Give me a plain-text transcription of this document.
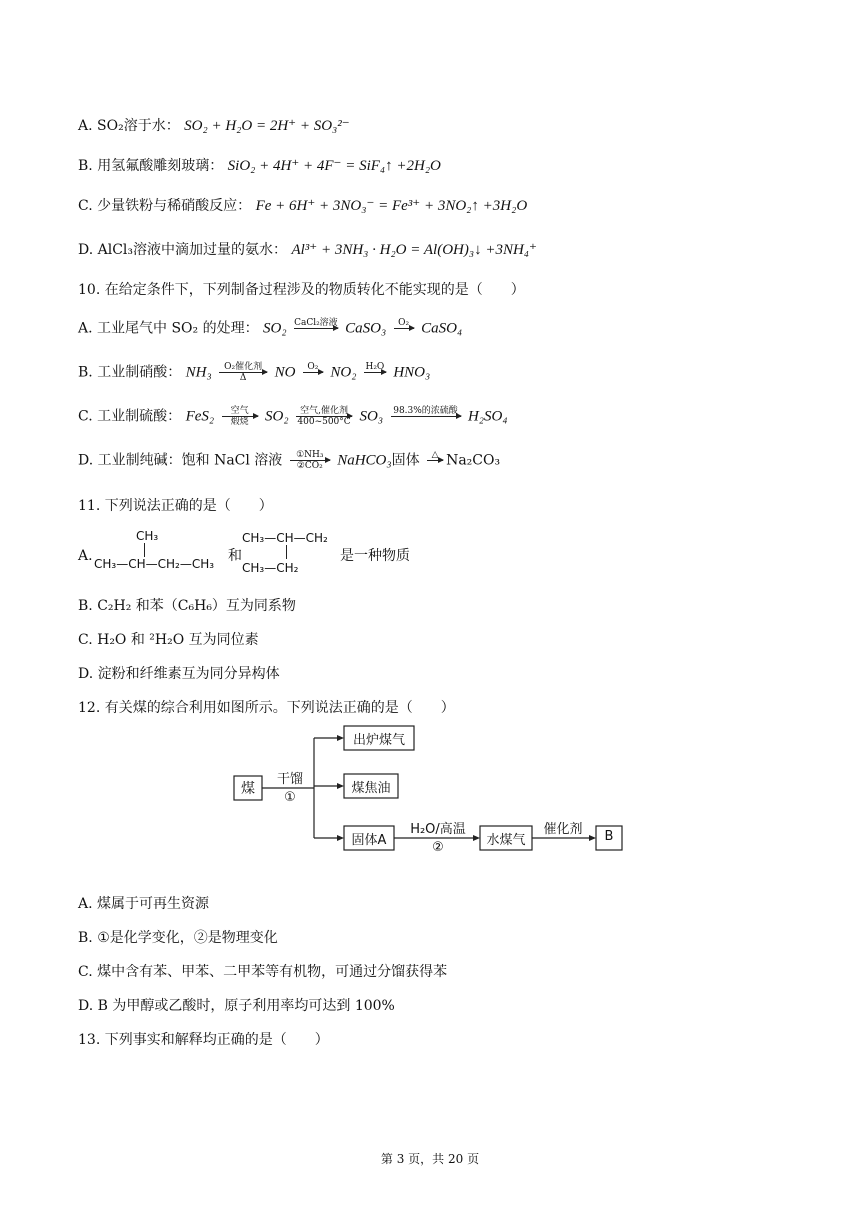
A. SO₂溶于水： SO₂ + H₂O = 2H⁺ + SO₃²⁻
B. 用氢氟酸雕刻玻璃： SiO₂ + 4H⁺ + 4F⁻ = SiF₄↑ +2H₂O
C. 少量铁粉与稀硝酸反应： Fe + 6H⁺ + 3NO₃⁻ = Fe³⁺ + 3NO₂↑ +3H₂O
D. AlCl₃溶液中滴加过量的氨水： Al³⁺ + 3NH₃ · H₂O = Al(OH)₃↓ +3NH₄⁺
10. 在给定条件下，下列制备过程涉及的物质转化不能实现的是（　　）
A. 工业尾气中 SO₂ 的处理： SO₂ CaCl₂溶液
CaSO₃	O₂
CaSO₄
B. 工业制硝酸： NH₃	O₂催化剂
Δ	NO	O₂
NO₂ H₂O
HNO₃
C. 工业制硫酸： FeS₂	空气
煅烧	SO₂	空气,催化剂
400~500°C SO₃	98.3%的浓硫酸
H₂SO₄
D. 工业制纯碱：饱和 NaCl 溶液 $\frac{\text{①NH₃}}{\text{②CO₂}}$ NaHCO₃固体	△
Na₂CO₃
11. 下列说法正确的是（　　）
A.
CH₃
CH₃—CH—CH₂—CH₃ 和
CH₃—CH—CH₂
CH₃—CH₂
是一种物质
B. C₂H₂ 和苯（C₆H₆）互为同系物
C. H₂O 和 ²H₂O 互为同位素
D. 淀粉和纤维素互为同分异构体
12. 有关煤的综合利用如图所示。下列说法正确的是（　　）
煤
干馏
①
出炉煤气
煤焦油
固体A
H₂O/高温
②	水煤气
催化剂	B
A. 煤属于可再生资源
B. ①是化学变化，②是物理变化
C. 煤中含有苯、甲苯、二甲苯等有机物，可通过分馏获得苯
D. B 为甲醇或乙酸时，原子利用率均可达到 100%
13. 下列事实和解释均正确的是（　　）
第 3 页，共 20 页
